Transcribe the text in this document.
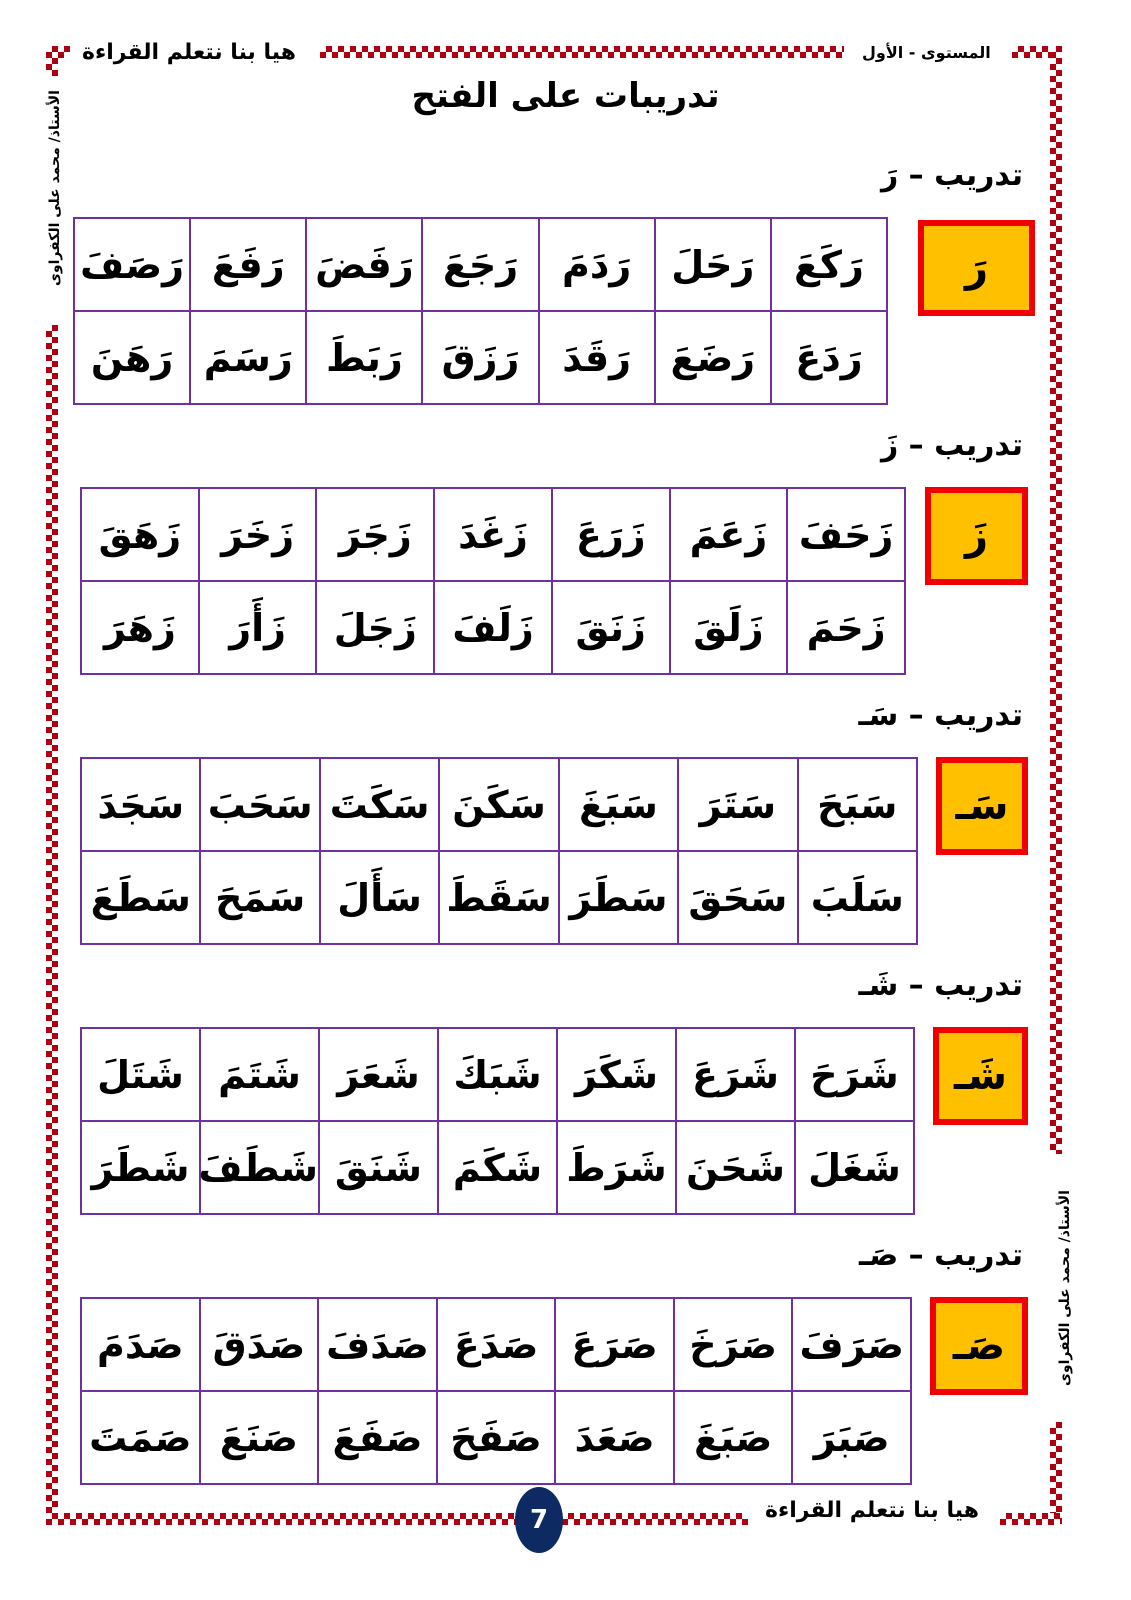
هيا بنا نتعلم القراءة	المستوى - الأول
الأستاذ/ محمد على الكفراوى
الأستاذ/ محمد على الكفراوى
تدريبات على الفتح
تدريب – رَ
رَ
رَكَعَ	رَحَلَ	رَدَمَ	رَجَعَ	رَفَضَ	رَفَعَ	رَصَفَ
رَدَعَ	رَضَعَ	رَقَدَ	رَزَقَ	رَبَطَ	رَسَمَ	رَهَنَ
تدريب – زَ
زَ
زَحَفَ	زَعَمَ	زَرَعَ	زَغَدَ	زَجَرَ	زَخَرَ	زَهَقَ
زَحَمَ	زَلَقَ	زَنَقَ	زَلَفَ	زَجَلَ	زَأَرَ	زَهَرَ
تدريب – سَـ
سَـ
سَبَحَ	سَتَرَ	سَبَغَ	سَكَنَ	سَكَتَ	سَحَبَ	سَجَدَ
سَلَبَ	سَحَقَ	سَطَرَ	سَقَطَ	سَأَلَ	سَمَحَ	سَطَعَ
تدريب – شَـ
شَـ
شَرَحَ	شَرَعَ	شَكَرَ	شَبَكَ	شَعَرَ	شَتَمَ	شَتَلَ
شَغَلَ	شَحَنَ	شَرَطَ	شَكَمَ	شَنَقَ	شَطَفَ	شَطَرَ
تدريب – صَـ
صَـ
صَرَفَ	صَرَخَ	صَرَعَ	صَدَعَ	صَدَفَ	صَدَقَ	صَدَمَ
صَبَرَ	صَبَغَ	صَعَدَ	صَفَحَ	صَفَعَ	صَنَعَ	صَمَتَ
7	هيا بنا نتعلم القراءة
